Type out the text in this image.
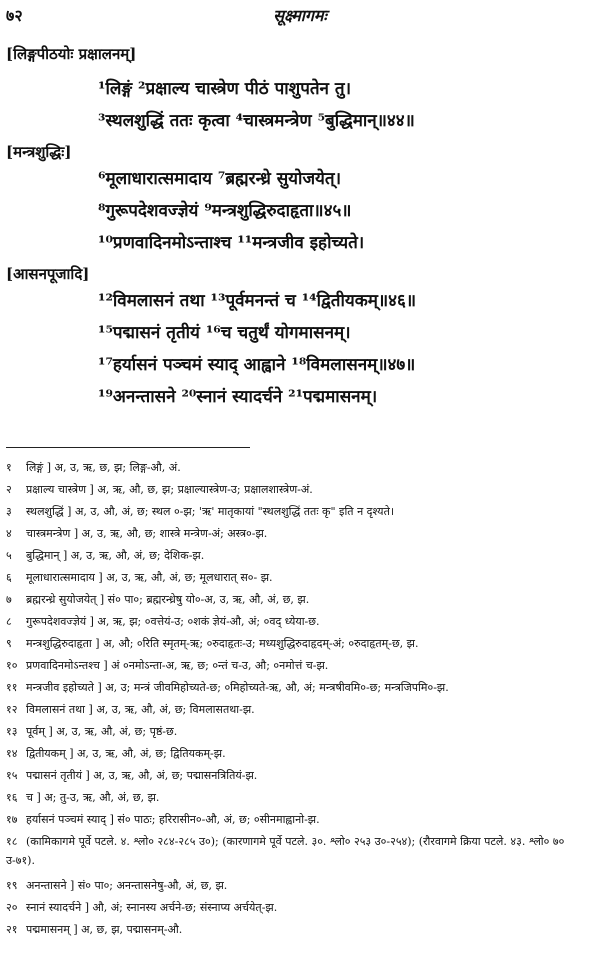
७२	सूक्ष्मागमः
[लिङ्गपीठयोः प्रक्षालनम्]
¹लिङ्गं ²प्रक्षाल्य चास्त्रेण पीठं पाशुपतेन तु।
³स्थलशुद्धिं ततः कृत्वा ⁴चास्त्रमन्त्रेण ⁵बुद्धिमान्॥४४॥
[मन्त्रशुद्धिः]
⁶मूलाधारात्समादाय ⁷ब्रह्मरन्ध्रे सुयोजयेत्।
⁸गुरूपदेशवज्ज्ञेयं ⁹मन्त्रशुद्धिरुदाहृता॥४५॥
¹⁰प्रणवादिनमोऽन्ताश्च ¹¹मन्त्रजीव इहोच्यते।
[आसनपूजादि]
¹²विमलासनं तथा ¹³पूर्वमनन्तं च ¹⁴द्वितीयकम्॥४६॥
¹⁵पद्मासनं तृतीयं ¹⁶च चतुर्थं योगमासनम्।
¹⁷हर्यासनं पञ्चमं स्याद् आह्वाने ¹⁸विमलासनम्॥४७॥
¹⁹अनन्तासने ²⁰स्नानं स्यादर्चने ²¹पद्ममासनम्।
१ लिङ्गं ] अ, उ, ऋ, छ, झ; लिङ्ग-औ, अं.
२ प्रक्षाल्य चास्त्रेण ] अ, ऋ, औ, छ, झ; प्रक्षाल्यास्त्रेण-उ; प्रक्षालशास्त्रेण-अं.
३ स्थलशुद्धिं ] अ, उ, औ, अं, छ; स्थल ०-झ; 'ऋ' मातृकायां "स्थलशुद्धिं ततः कृ" इति न दृश्यते।
४ चास्त्रमन्त्रेण ] अ, उ, ऋ, औ, छ; शास्त्रे मन्त्रेण-अं; अस्त्र०-झ.
५ बुद्धिमान् ] अ, उ, ऋ, औ, अं, छ; देशिक-झ.
६ मूलाधारात्समादाय ] अ, उ, ऋ, औ, अं, छ; मूलधारात् स०- झ.
७ ब्रह्मरन्ध्रे सुयोजयेत् ] सं० पा०; ब्रह्मरन्ध्रेषु यो०-अ, उ, ऋ, औ, अं, छ, झ.
८ गुरूपदेशवज्ज्ञेयं ] अ, ऋ, झ; ०वत्तेयं-उ; ०शकं ज्ञेयं-औ, अं; ०वद् ध्येया-छ.
९ मन्त्रशुद्धिरुदाहृता ] अ, औ; ०रिति स्मृतम्-ऋ; ०रुदाहृतः-उ; मध्यशुद्धिरुदाहृदम्-अं; ०रुदाहृतम्-छ, झ.
१० प्रणवादिनमोऽन्तश्च ] अं ०नमोऽन्ता-अ, ऋ, छ; ०न्तं च-उ, औ; ०नमोत्तं च-झ.
११ मन्त्रजीव इहोच्यते ] अ, उ; मन्त्रं जीवमिहोच्यते-छ; ०मिहोच्यते-ऋ, औ, अं; मन्त्रषीवमि०-छ; मन्त्रजिपमि०-झ.
१२ विमलासनं तथा ] अ, उ, ऋ, औ, अं, छ; विमलासतथा-झ.
१३ पूर्वम् ] अ, उ, ऋ, औ, अं, छ; पृष्ठं-छ.
१४ द्वितीयकम् ] अ, उ, ऋ, औ, अं, छ; द्वितियकम्-झ.
१५ पद्मासनं तृतीयं ] अ, उ, ऋ, औ, अं, छ; पद्मासनत्रितियं-झ.
१६ च ] अ; तु-उ, ऋ, औ, अं, छ, झ.
१७ हर्यासनं पञ्चमं स्याद् ] सं० पाठः; हरिरासीन०-औ, अं, छ; ०सीनमाह्वानो-झ.
१८ (कामिकागमे पूर्वे पटले. ४. श्लो० २८४-२८५ उ०); (कारणागमे पूर्वे पटले. ३०. श्लो० २५३ उ०-२५४); (रौरवागमे क्रिया पटले. ४३. श्लो० ७० उ-७१).
१९ अनन्तासने ] सं० पा०; अनन्तासनेषु-औ, अं, छ, झ.
२० स्नानं स्यादर्चने ] औ, अं; स्नानस्य अर्चने-छ; संस्नाप्य अर्चयेत्-झ.
२१ पद्ममासनम् ] अ, छ, झ, पद्मासनम्-औ.
